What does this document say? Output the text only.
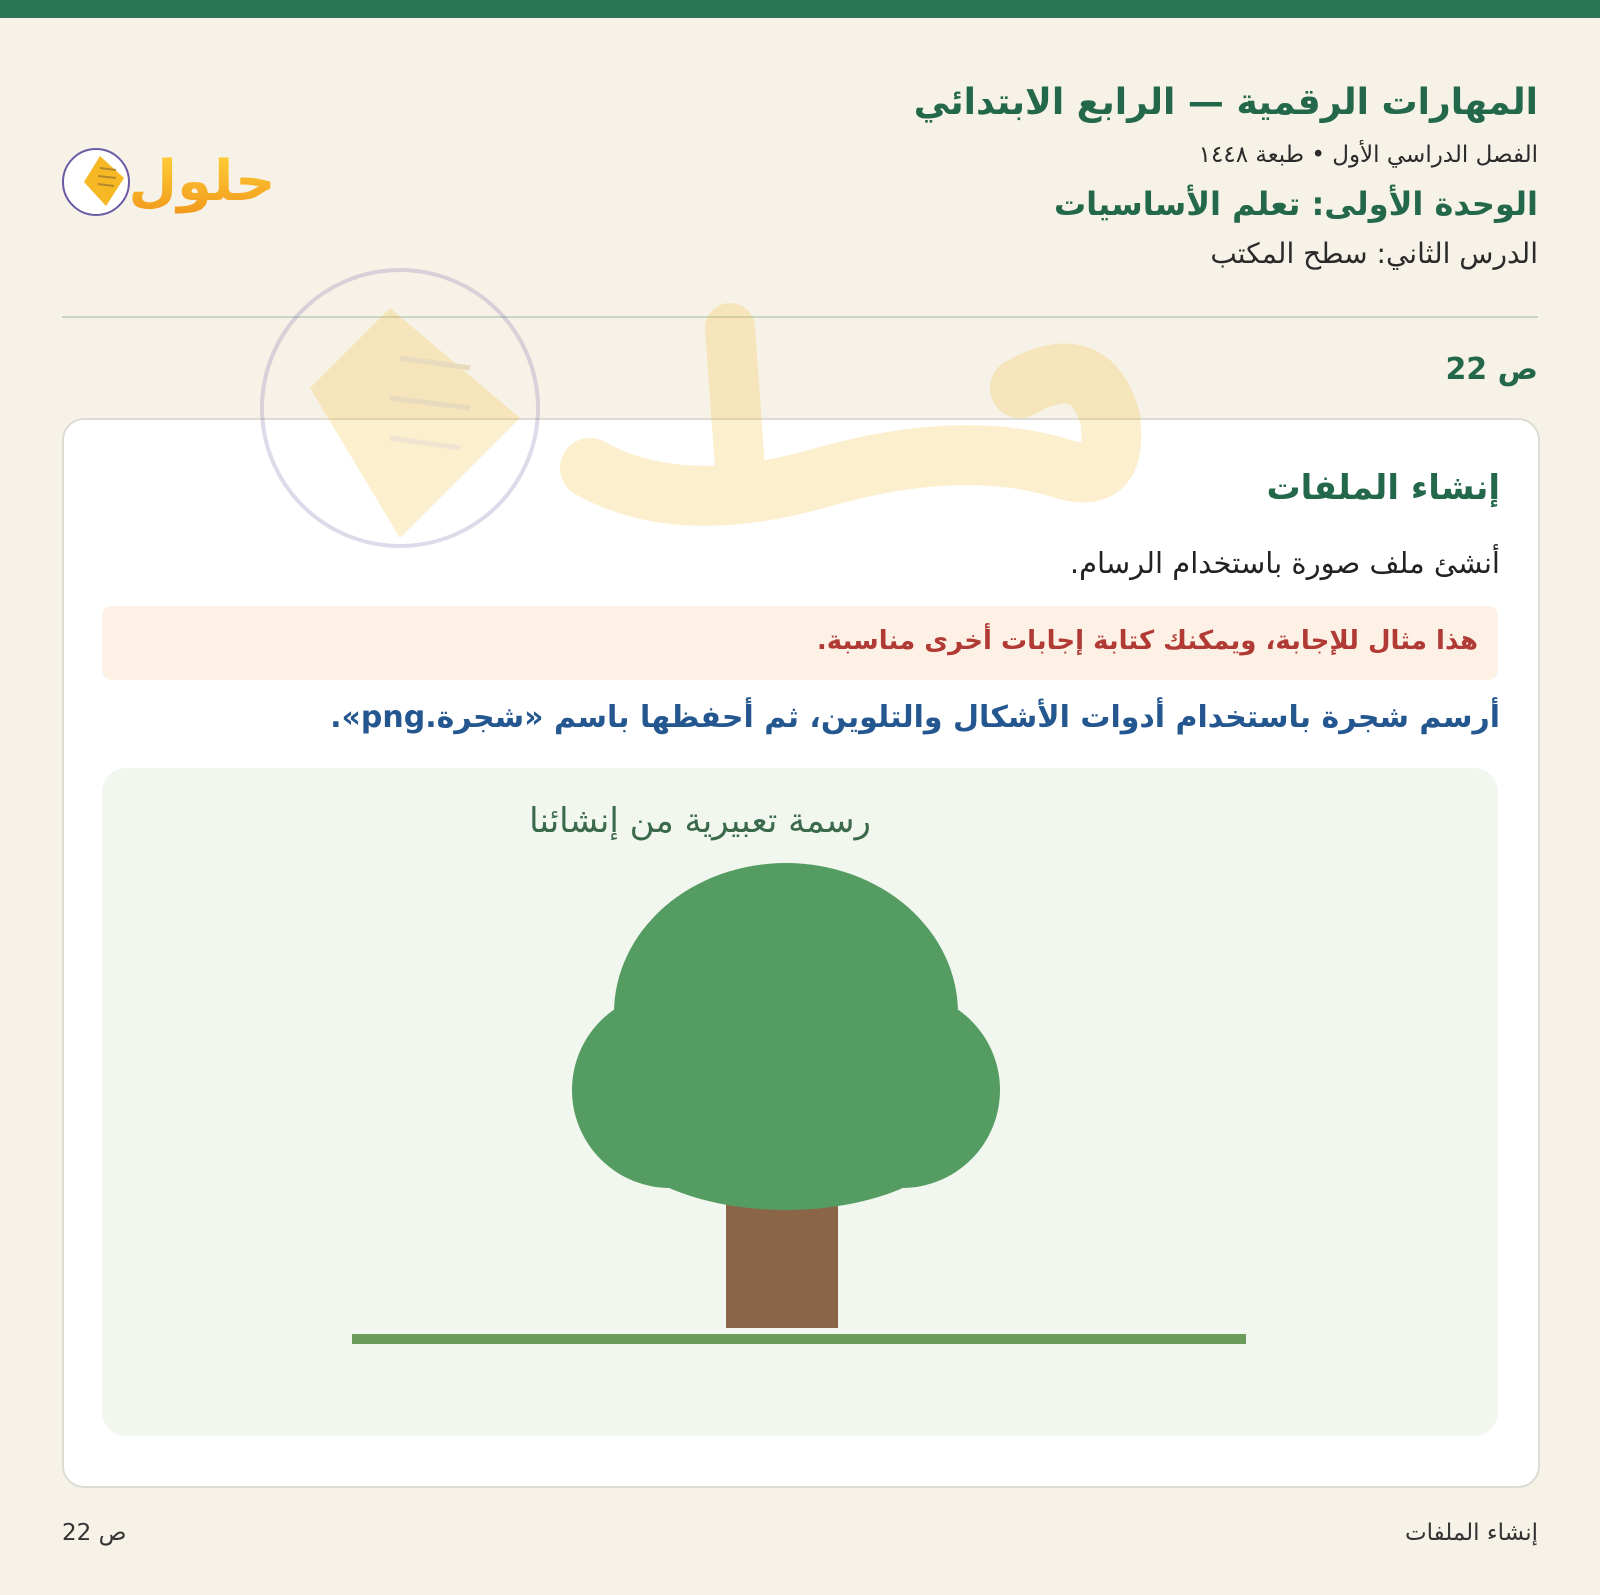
المهارات الرقمية — الرابع الابتدائي
الفصل الدراسي الأول • طبعة ١٤٤٨
الوحدة الأولى: تعلم الأساسيات
الدرس الثاني: سطح المكتب
حلول
ص 22
إنشاء الملفات
أنشئ ملف صورة باستخدام الرسام.
هذا مثال للإجابة، ويمكنك كتابة إجابات أخرى مناسبة.
أرسم شجرة باستخدام أدوات الأشكال والتلوين، ثم أحفظها باسم «شجرة.png».
رسمة تعبيرية من إنشائنا
ص 22	إنشاء الملفات
